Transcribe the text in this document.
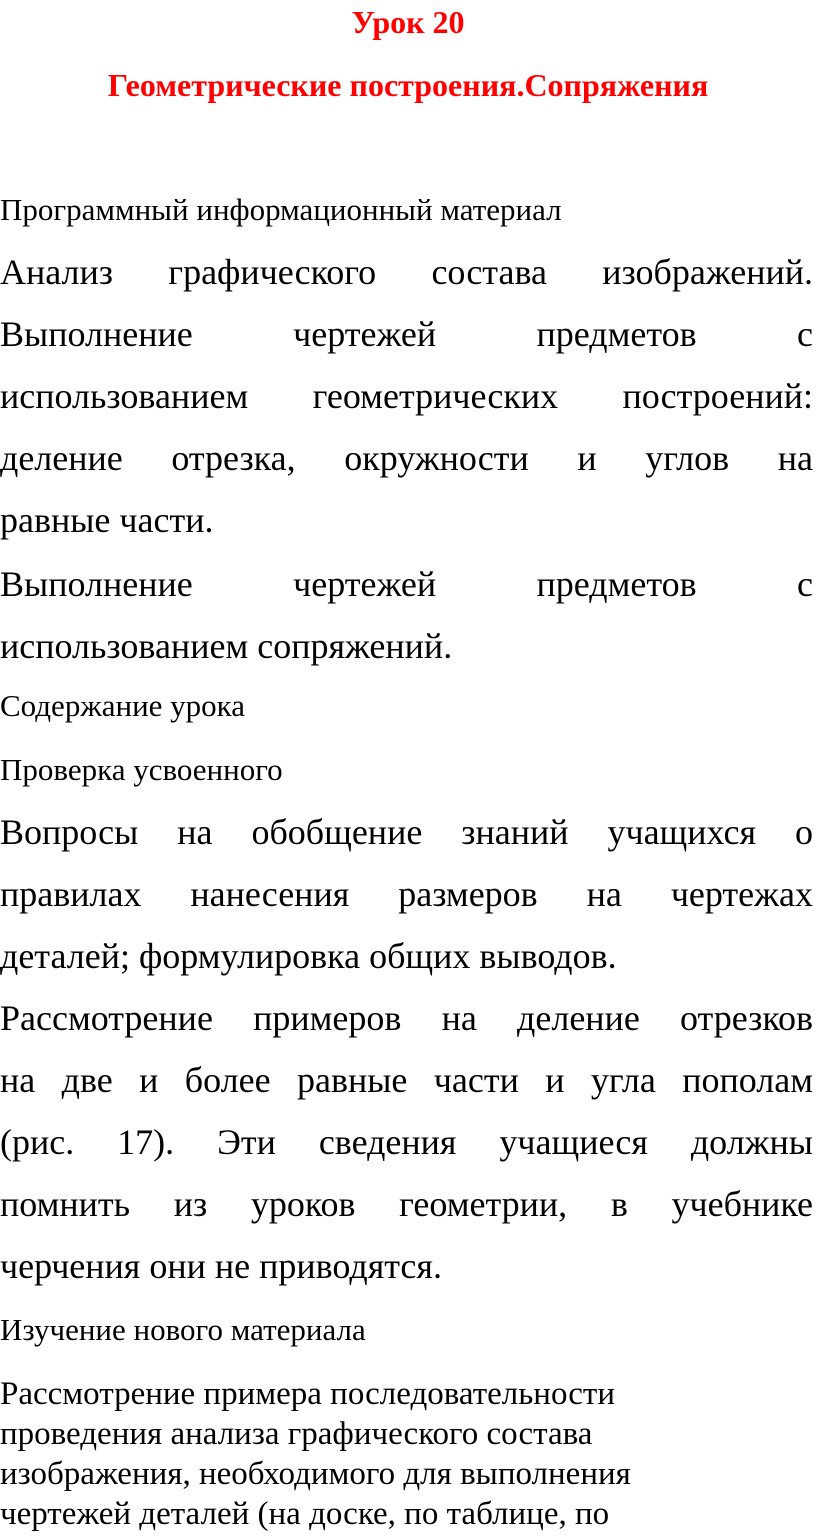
Урок 20
Геометрические построения.Сопряжения
Программный информационный материал
Анализ графического состава изображений.
Выполнение чертежей предметов с
использованием геометрических построений:
деление отрезка, окружности и углов на
равные части.
Выполнение чертежей предметов с
использованием сопряжений.
Содержание урока
Проверка усвоенного
Вопросы на обобщение знаний учащихся о
правилах нанесения размеров на чертежах
деталей; формулировка общих выводов.
Рассмотрение примеров на деление отрезков
на две и более равные части и угла пополам
(рис. 17). Эти сведения учащиеся должны
помнить из уроков геометрии, в учебнике
черчения они не приводятся.
Изучение нового материала
Рассмотрение примера последовательности
проведения анализа графического состава
изображения, необходимого для выполнения
чертежей деталей (на доске, по таблице, по
